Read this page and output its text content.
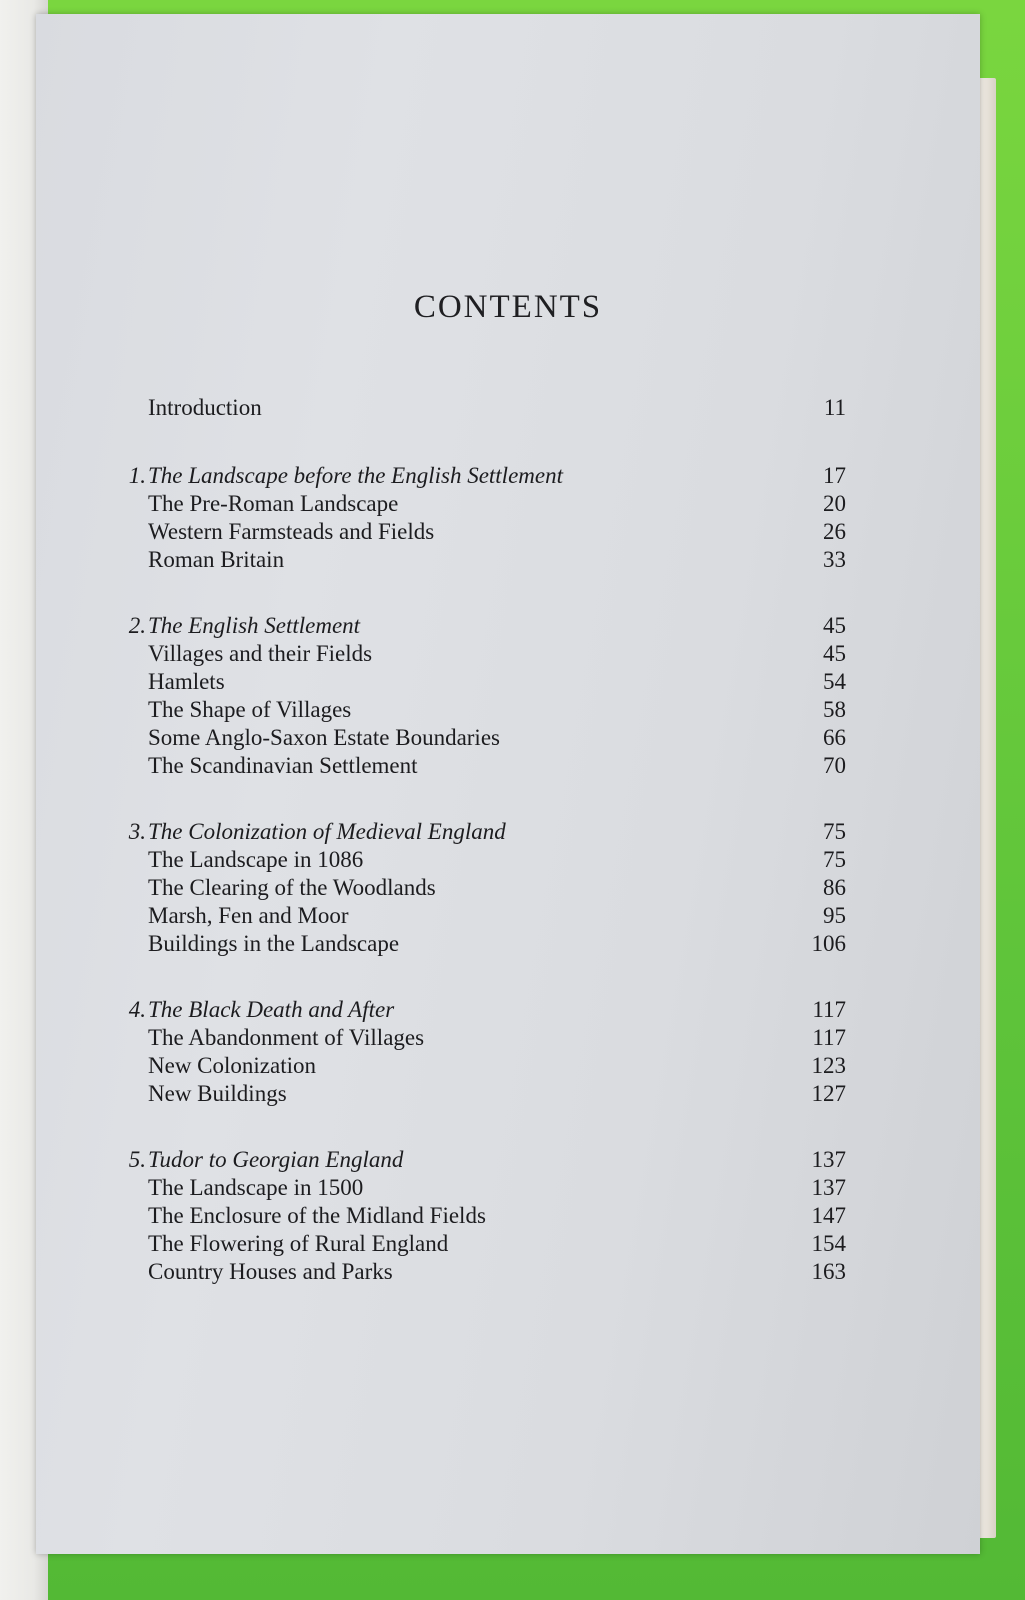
CONTENTS
Introduction	11
1. The Landscape before the English Settlement	17
The Pre-Roman Landscape	20
Western Farmsteads and Fields	26
Roman Britain	33
2. The English Settlement	45
Villages and their Fields	45
Hamlets	54
The Shape of Villages	58
Some Anglo-Saxon Estate Boundaries	66
The Scandinavian Settlement	70
3. The Colonization of Medieval England	75
The Landscape in 1086	75
The Clearing of the Woodlands	86
Marsh, Fen and Moor	95
Buildings in the Landscape	106
4. The Black Death and After	117
The Abandonment of Villages	117
New Colonization	123
New Buildings	127
5. Tudor to Georgian England	137
The Landscape in 1500	137
The Enclosure of the Midland Fields	147
The Flowering of Rural England	154
Country Houses and Parks	163
